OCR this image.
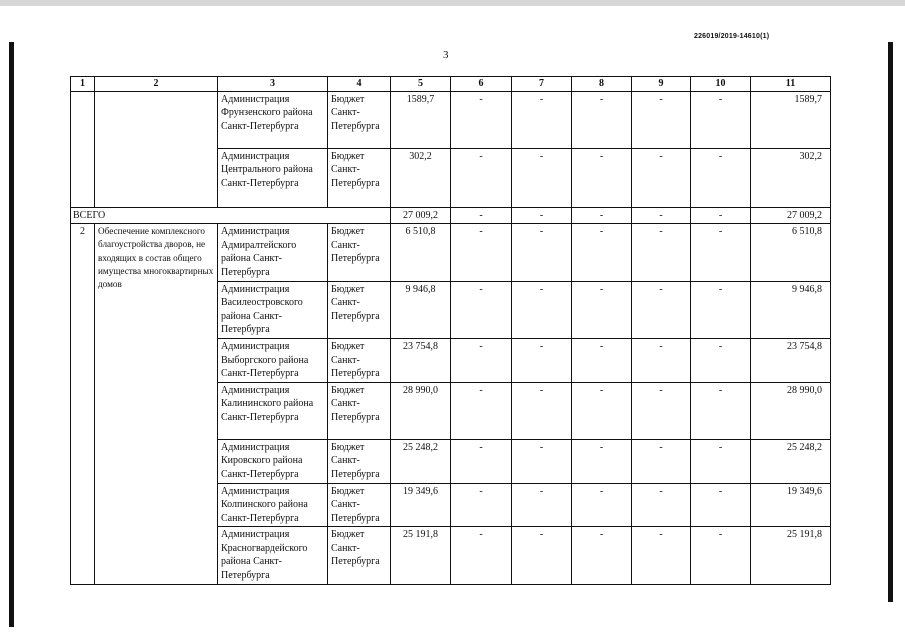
226019/2019-14610(1)
3
1	2	3	4	5	6	7	8	9	10	11
		Администрация Фрунзенского района Санкт-Петербурга	Бюджет Санкт-Петербурга	1589,7	-	-	-	-	-	1589,7
		Администрация Центрального района Санкт-Петербурга	Бюджет Санкт-Петербурга	302,2	-	-	-	-	-	302,2
ВСЕГО				27 009,2	-	-	-	-	-	27 009,2
2	Обеспечение комплексного благоустройства дворов, не входящих в состав общего имущества многоквартирных домов	Администрация Адмиралтейского района Санкт-Петербурга	Бюджет Санкт-Петербурга	6 510,8	-	-	-	-	-	6 510,8
		Администрация Василеостровского района Санкт-Петербурга	Бюджет Санкт-Петербурга	9 946,8	-	-	-	-	-	9 946,8
		Администрация Выборгского района Санкт-Петербурга	Бюджет Санкт-Петербурга	23 754,8	-	-	-	-	-	23 754,8
		Администрация Калининского района Санкт-Петербурга	Бюджет Санкт-Петербурга	28 990,0	-	-	-	-	-	28 990,0
		Администрация Кировского района Санкт-Петербурга	Бюджет Санкт-Петербурга	25 248,2	-	-	-	-	-	25 248,2
		Администрация Колпинского района Санкт-Петербурга	Бюджет Санкт-Петербурга	19 349,6	-	-	-	-	-	19 349,6
		Администрация Красногвардейского района Санкт-Петербурга	Бюджет Санкт-Петербурга	25 191,8	-	-	-	-	-	25 191,8
